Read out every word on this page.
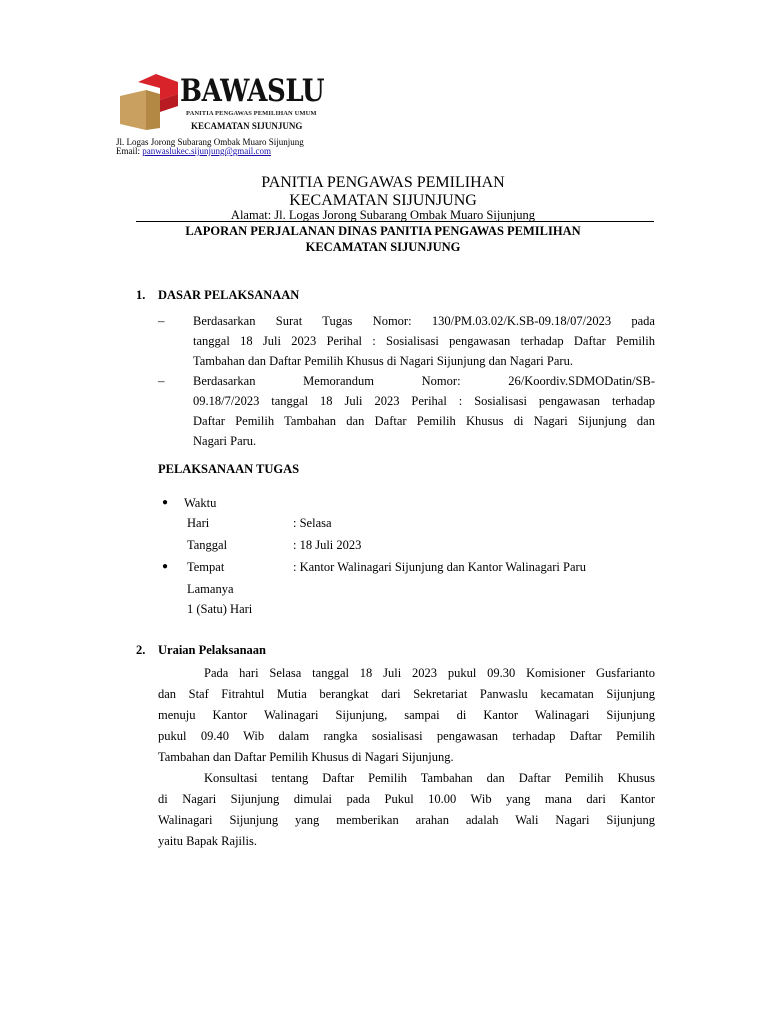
BAWASLU
PANITIA PENGAWAS PEMILIHAN UMUM
KECAMATAN SIJUNJUNG
Jl. Logas Jorong Subarang Ombak Muaro Sijunjung
Email: panwaslukec.sijunjung@gmail.com
PANITIA PENGAWAS PEMILIHAN
KECAMATAN SIJUNJUNG
Alamat: Jl. Logas Jorong Subarang Ombak Muaro Sijunjung
LAPORAN PERJALANAN DINAS PANITIA PENGAWAS PEMILIHAN
KECAMATAN SIJUNJUNG
1. DASAR PELAKSANAAN
– Berdasarkan Surat Tugas Nomor: 130/PM.03.02/K.SB-09.18/07/2023 pada
tanggal 18 Juli 2023 Perihal : Sosialisasi pengawasan terhadap Daftar Pemilih
Tambahan dan Daftar Pemilih Khusus di Nagari Sijunjung dan Nagari Paru.
– Berdasarkan Memorandum Nomor: 26/Koordiv.SDMODatin/SB-
09.18/7/2023 tanggal 18 Juli 2023 Perihal : Sosialisasi pengawasan terhadap
Daftar Pemilih Tambahan dan Daftar Pemilih Khusus di Nagari Sijunjung dan
Nagari Paru.
PELAKSANAAN TUGAS
● Waktu
Hari	: Selasa
Tanggal	: 18 Juli 2023
● Tempat	: Kantor Walinagari Sijunjung dan Kantor Walinagari Paru
Lamanya
1 (Satu) Hari
2. Uraian Pelaksanaan
Pada hari Selasa tanggal 18 Juli 2023 pukul 09.30 Komisioner Gusfarianto
dan Staf Fitrahtul Mutia berangkat dari Sekretariat Panwaslu kecamatan Sijunjung
menuju Kantor Walinagari Sijunjung, sampai di Kantor Walinagari Sijunjung
pukul 09.40 Wib dalam rangka sosialisasi pengawasan terhadap Daftar Pemilih
Tambahan dan Daftar Pemilih Khusus di Nagari Sijunjung.
Konsultasi tentang Daftar Pemilih Tambahan dan Daftar Pemilih Khusus
di Nagari Sijunjung dimulai pada Pukul 10.00 Wib yang mana dari Kantor
Walinagari Sijunjung yang memberikan arahan adalah Wali Nagari Sijunjung
yaitu Bapak Rajilis.
